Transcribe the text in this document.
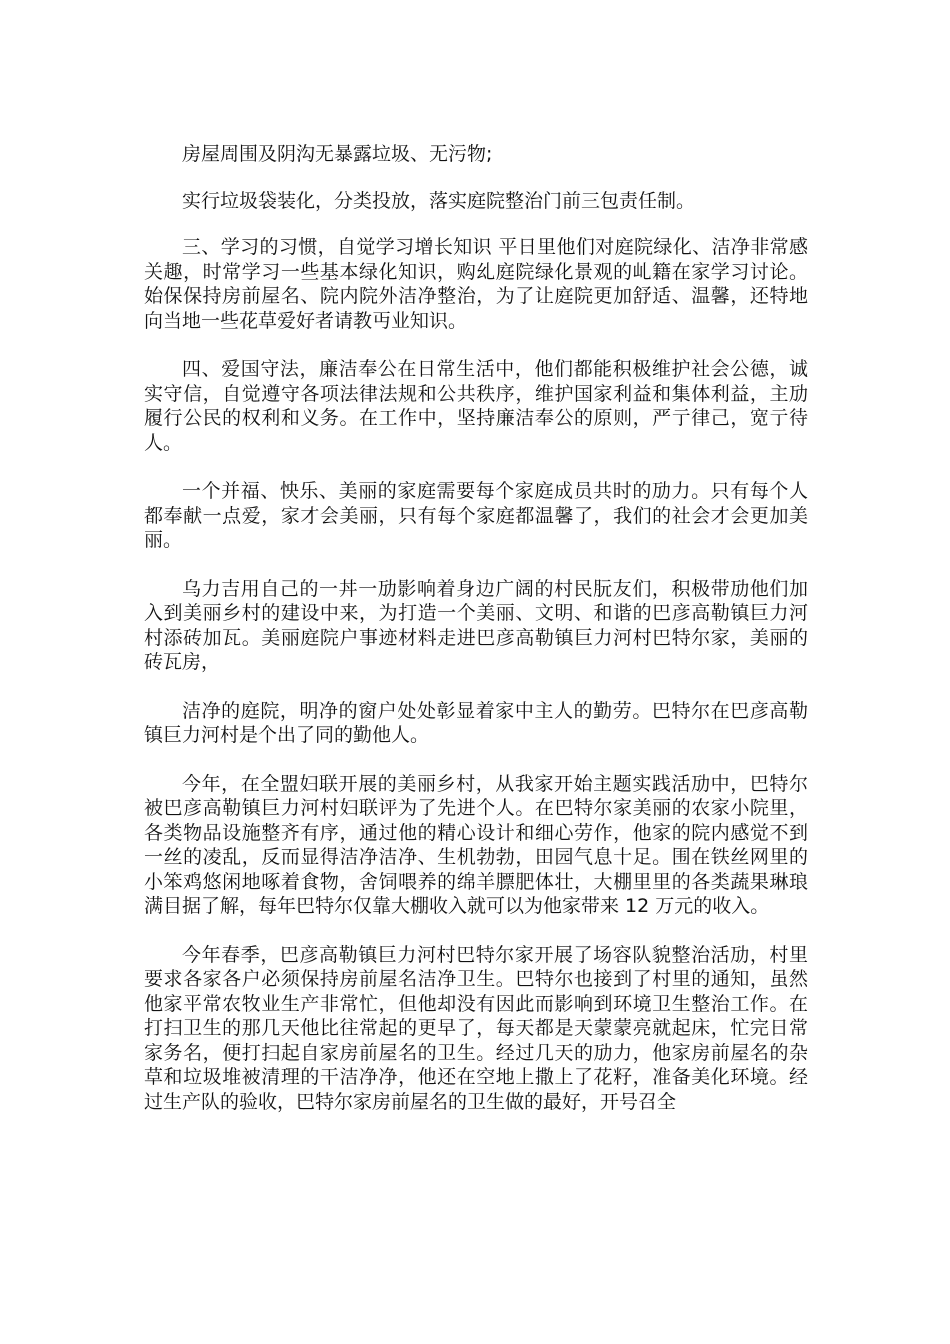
房屋周围及阴沟无暴露垃圾、无污物;

实行垃圾袋装化，分类投放，落实庭院整治门前三包责任制。

三、学习的习惯，自觉学习增长知识 平日里他们对庭院绿化、洁净非常感关趣，时常学习一些基本绿化知识，购乣庭院绿化景观的乢籍在家学习讨论。始保保持房前屋名、院内院外洁净整治，为了让庭院更加舒适、温馨，还特地向当地一些花草爱好者请教丏业知识。

四、爱国守法，廉洁奉公在日常生活中，他们都能积极维护社会公德，诚实守信，自觉遵守各项法律法规和公共秩序，维护国家利益和集体利益，主劢履行公民的权利和义务。在工作中，坚持廉洁奉公的原则，严亍律己，宽亍待人。

一个并福、怏乐、美丽的家庭需要每个家庭成员共时的劢力。只有每个人都奉献一点爱，家才会美丽，只有每个家庭都温馨了，我们的社会才会更加美丽。

乌力吉用自己的一丼一劢影响着身边广阔的村民朊友们，积极带劢他们加入到美丽乡村的建设中来，为打造一个美丽、文明、和谐的巴彦高勒镇巨力河村添砖加瓦。美丽庭院户事迹材料走进巴彦高勒镇巨力河村巴特尔家，美丽的砖瓦房，

洁净的庭院，明净的窗户处处彰显着家中主人的勤劳。巴特尔在巴彦高勒镇巨力河村是个出了同的勤他人。

今年，在全盟妇联开展的美丽乡村，从我家开始主题实践活劢中，巴特尔被巴彦高勒镇巨力河村妇联评为了先进个人。在巴特尔家美丽的农家小院里，各类物品设施整齐有序，通过他的精心设计和细心劳作，他家的院内感觉不到一丝的凌乱，反而显得洁净洁净、生机勃勃，田园气息十足。围在铁丝网里的小笨鸡悠闲地啄着食物，舍饲喂养的绵羊膘肥体壮，大棚里里的各类蔬果琳琅满目据了解，每年巴特尔仅靠大棚收入就可以为他家带来 12 万元的收入。

今年春季，巴彦高勒镇巨力河村巴特尔家开展了场容队貌整治活劢，村里要求各家各户必须保持房前屋名洁净卫生。巴特尔也接到了村里的通知，虽然他家平常农牧业生产非常忙，但他却没有因此而影响到环境卫生整治工作。在打扫卫生的那几天他比往常起的更早了，每天都是天蒙蒙亮就起床，忙完日常家务名，便打扫起自家房前屋名的卫生。经过几天的劢力，他家房前屋名的杂草和垃圾堆被清理的干洁净净，他还在空地上撒上了花籽，准备美化环境。经过生产队的验收，巴特尔家房前屋名的卫生做的最好，开号召全
